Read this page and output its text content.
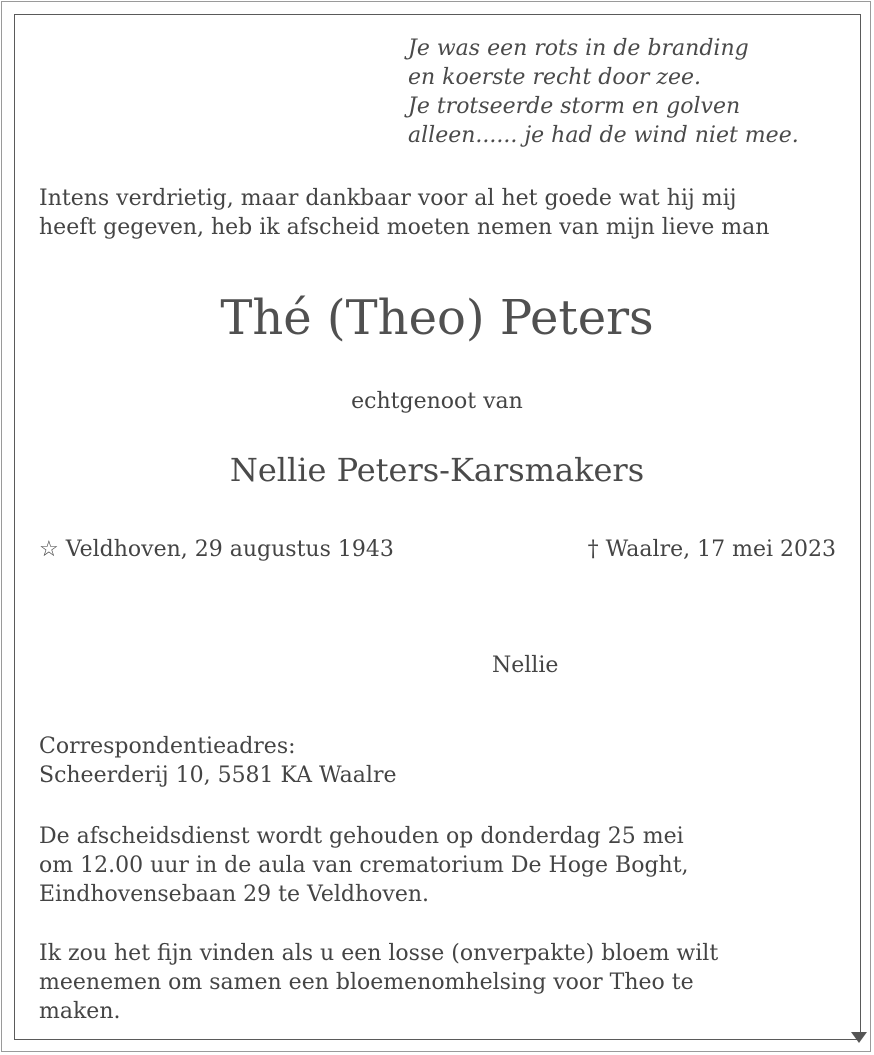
Je was een rots in de branding
en koerste recht door zee.
Je trotseerde storm en golven
alleen...... je had de wind niet mee.
Intens verdrietig, maar dankbaar voor al het goede wat hij mij
heeft gegeven, heb ik afscheid moeten nemen van mijn lieve man
Thé (Theo) Peters
echtgenoot van
Nellie Peters-Karsmakers
☆ Veldhoven, 29 augustus 1943	† Waalre, 17 mei 2023
Nellie
Correspondentieadres:
Scheerderij 10, 5581 KA Waalre
De afscheidsdienst wordt gehouden op donderdag 25 mei
om 12.00 uur in de aula van crematorium De Hoge Boght,
Eindhovensebaan 29 te Veldhoven.
Ik zou het fijn vinden als u een losse (onverpakte) bloem wilt
meenemen om samen een bloemenomhelsing voor Theo te
maken.
